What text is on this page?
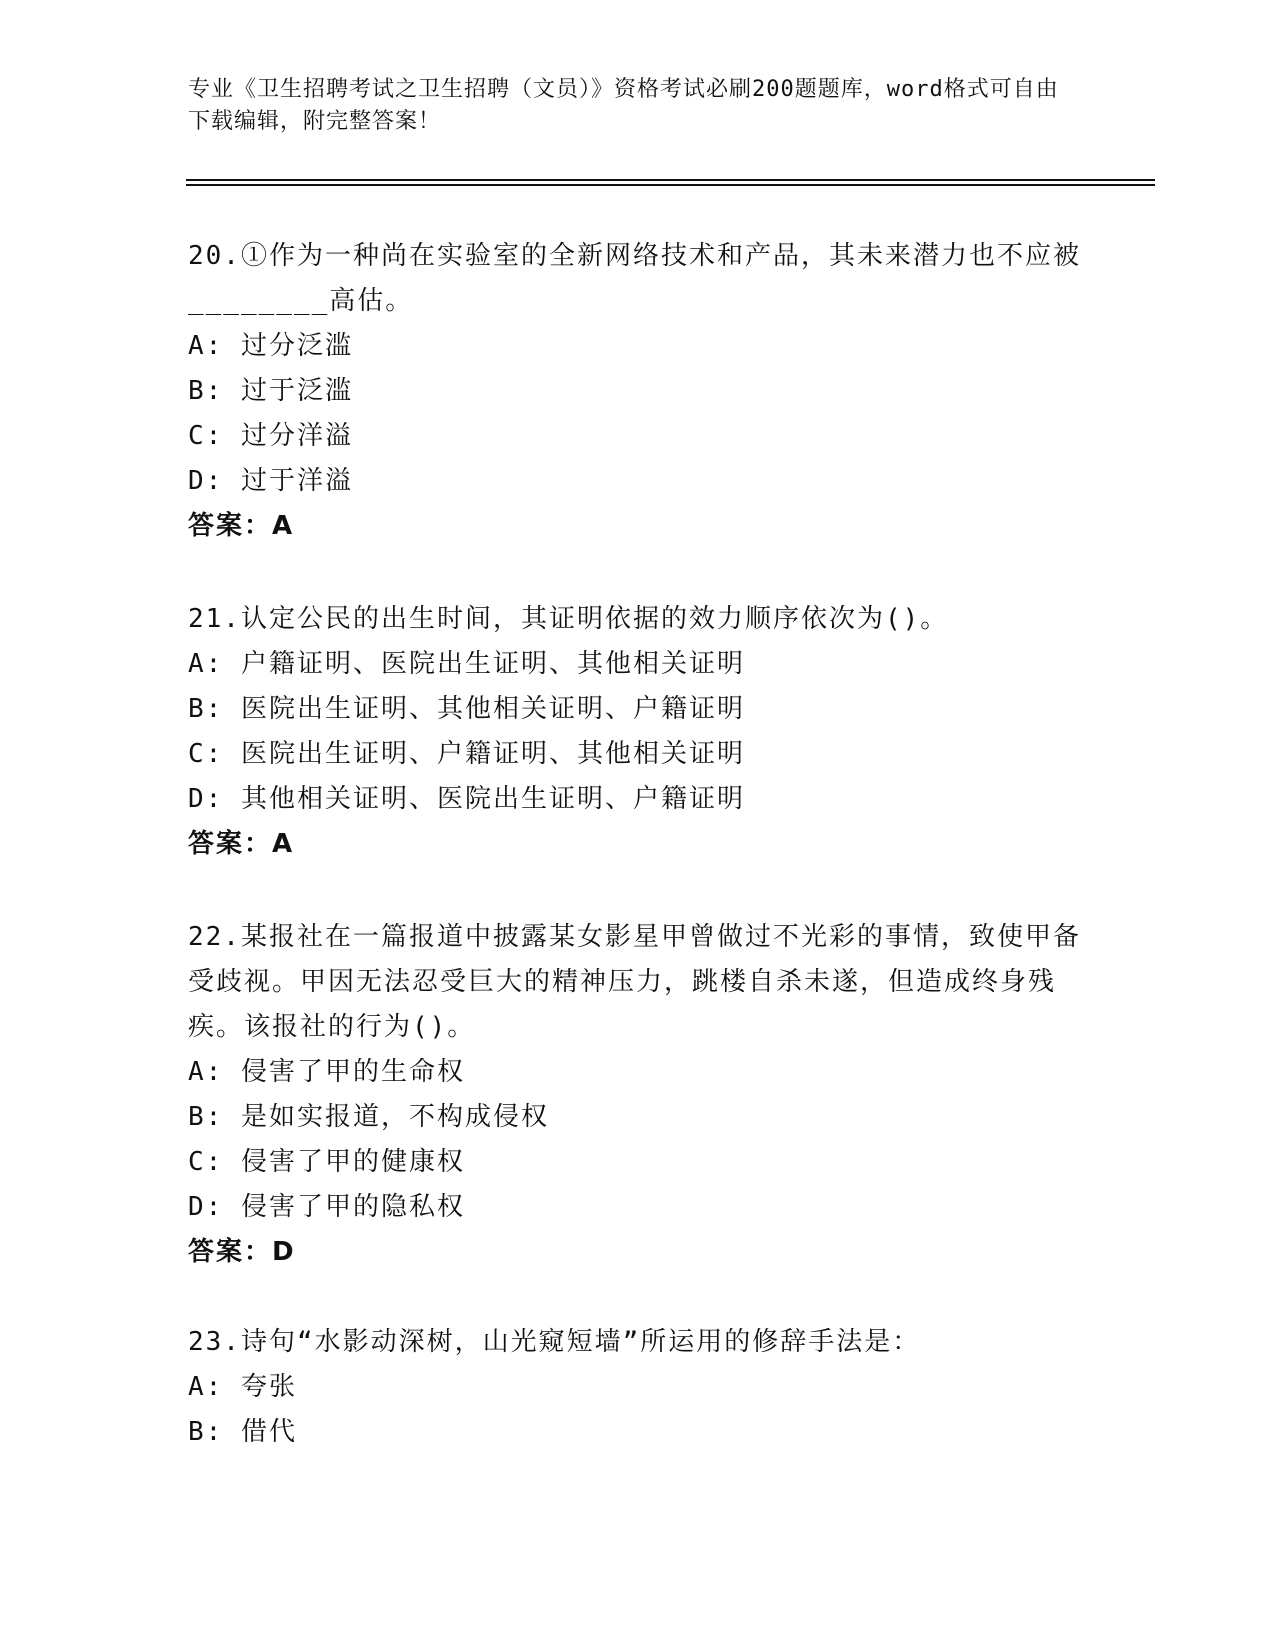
专业《卫生招聘考试之卫生招聘（文员）》资格考试必刷200题题库，word格式可自由下载编辑，附完整答案！
20.①作为一种尚在实验室的全新网络技术和产品，其未来潜力也不应被________高估。
A: 过分泛滥
B: 过于泛滥
C: 过分洋溢
D: 过于洋溢
答案：A
21.认定公民的出生时间，其证明依据的效力顺序依次为()。
A: 户籍证明、医院出生证明、其他相关证明
B: 医院出生证明、其他相关证明、户籍证明
C: 医院出生证明、户籍证明、其他相关证明
D: 其他相关证明、医院出生证明、户籍证明
答案：A
22.某报社在一篇报道中披露某女影星甲曾做过不光彩的事情，致使甲备受歧视。甲因无法忍受巨大的精神压力，跳楼自杀未遂，但造成终身残疾。该报社的行为()。
A: 侵害了甲的生命权
B: 是如实报道，不构成侵权
C: 侵害了甲的健康权
D: 侵害了甲的隐私权
答案：D
23.诗句“水影动深树，山光窥短墙”所运用的修辞手法是：
A: 夸张
B: 借代
